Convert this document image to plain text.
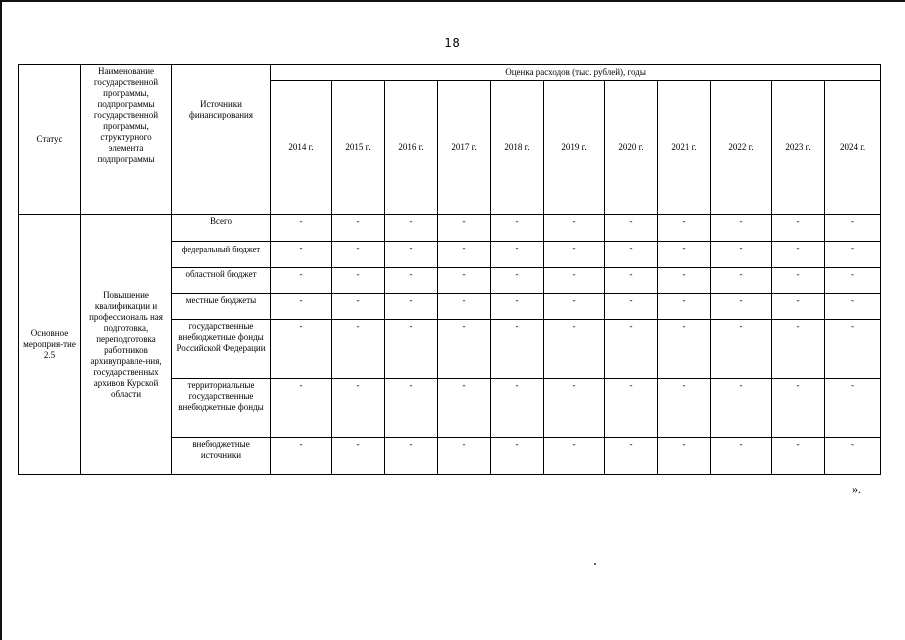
18
Статус	Наименование государственной программы, подпрограммы государственной программы, структурного элемента подпрограммы	Источники финансирования	Оценка расходов (тыс. рублей), годы										
			2014 г.	2015 г.	2016 г.	2017 г.	2018 г.	2019 г.	2020 г.	2021 г.	2022 г.	2023 г.	2024 г.
Основное мероприя-тие 2.5	Повышение квалификации и профессиональ ная подготовка, переподготовка работников архивуправле-ния, государственных архивов Курской области	Всего	-	-	-	-	-	-	-	-	-	-	-
		федеральный бюджет	-	-	-	-	-	-	-	-	-	-	-
		областной бюджет	-	-	-	-	-	-	-	-	-	-	-
		местные бюджеты	-	-	-	-	-	-	-	-	-	-	-
		государственные внебюджетные фонды Российской Федерации	-	-	-	-	-	-	-	-	-	-	-
		территориальные государственные внебюджетные фонды	-	-	-	-	-	-	-	-	-	-	-
		внебюджетные источники	-	-	-	-	-	-	-	-	-	-	-
».
